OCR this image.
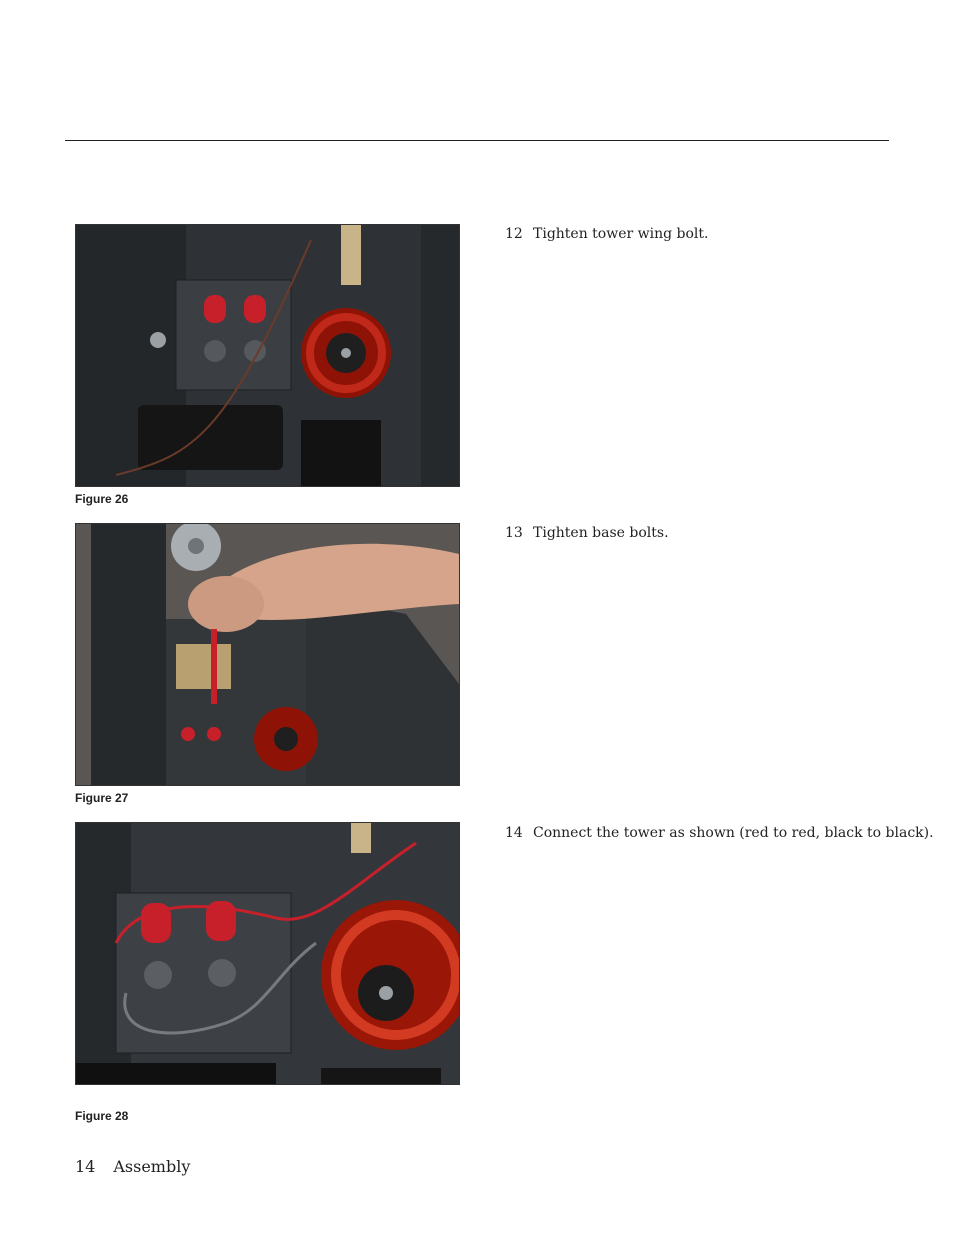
Figure 26
12 Tighten tower wing bolt.
Figure 27
13 Tighten base bolts.
Figure 28
14 Connect the tower as shown (red to red, black to black).
14 Assembly
